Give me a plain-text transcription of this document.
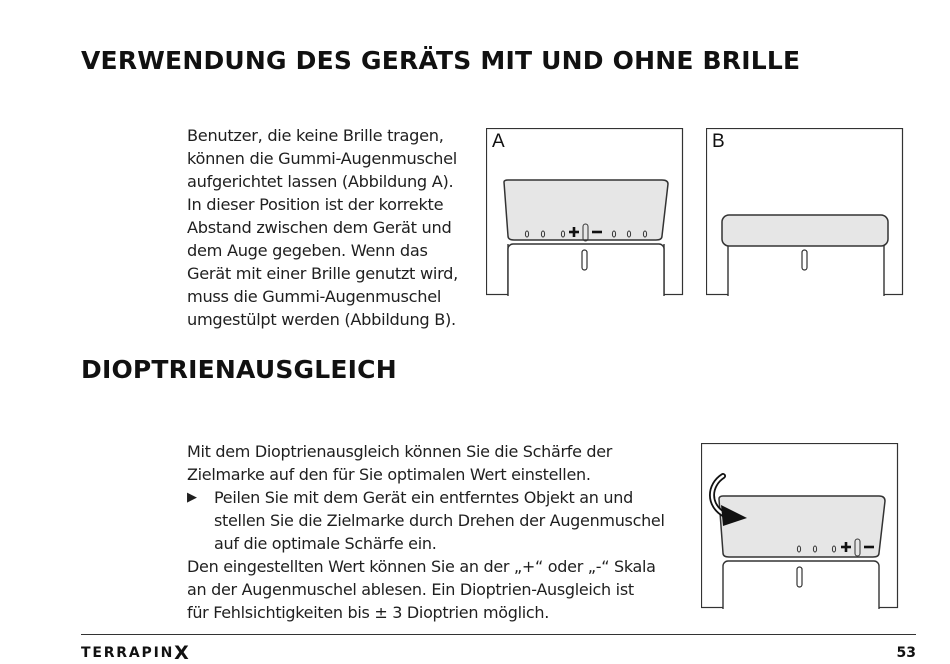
VERWENDUNG DES GERÄTS MIT UND OHNE BRILLE
Benutzer, die keine Brille tragen,
können die Gummi-Augenmuschel
aufgerichtet lassen (Abbildung A).
In dieser Position ist der korrekte
Abstand zwischen dem Gerät und
dem Auge gegeben. Wenn das
Gerät mit einer Brille genutzt wird,
muss die Gummi-Augenmuschel
umgestülpt werden (Abbildung B).
A	B
DIOPTRIENAUSGLEICH
Mit dem Dioptrienausgleich können Sie die Schärfe der
Zielmarke auf den für Sie optimalen Wert einstellen.
▶ Peilen Sie mit dem Gerät ein entferntes Objekt an und
stellen Sie die Zielmarke durch Drehen der Augenmuschel
auf die optimale Schärfe ein.
Den eingestellten Wert können Sie an der „+“ oder „-“ Skala
an der Augenmuschel ablesen. Ein Dioptrien-Ausgleich ist
für Fehlsichtigkeiten bis ± 3 Dioptrien möglich.
TERRAPINX	53
